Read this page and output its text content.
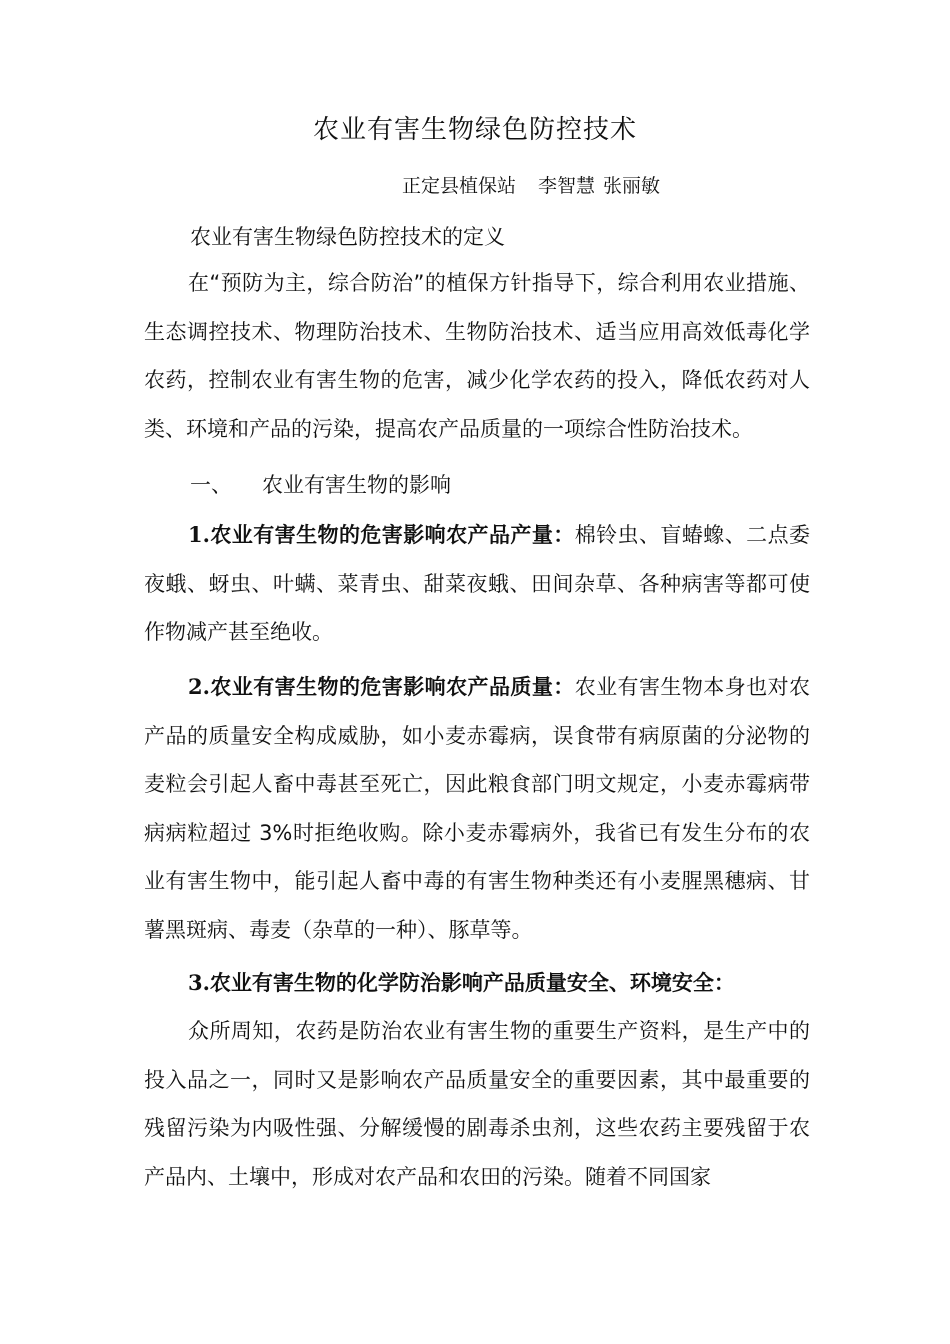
农业有害生物绿色防控技术

正定县植保站 李智慧 张丽敏

农业有害生物绿色防控技术的定义

在“预防为主，综合防治”的植保方针指导下，综合利用农业措施、生态调控技术、物理防治技术、生物防治技术、适当应用高效低毒化学农药，控制农业有害生物的危害，减少化学农药的投入，降低农药对人类、环境和产品的污染，提高农产品质量的一项综合性防治技术。

一、 农业有害生物的影响

1.农业有害生物的危害影响农产品产量：棉铃虫、盲蝽蟓、二点委夜蛾、蚜虫、叶螨、菜青虫、甜菜夜蛾、田间杂草、各种病害等都可使作物减产甚至绝收。

2.农业有害生物的危害影响农产品质量：农业有害生物本身也对农产品的质量安全构成威胁，如小麦赤霉病，误食带有病原菌的分泌物的麦粒会引起人畜中毒甚至死亡，因此粮食部门明文规定，小麦赤霉病带病病粒超过 3%时拒绝收购。除小麦赤霉病外，我省已有发生分布的农业有害生物中，能引起人畜中毒的有害生物种类还有小麦腥黑穗病、甘薯黑斑病、毒麦（杂草的一种）、豚草等。

3.农业有害生物的化学防治影响产品质量安全、环境安全：

众所周知，农药是防治农业有害生物的重要生产资料，是生产中的投入品之一，同时又是影响农产品质量安全的重要因素，其中最重要的残留污染为内吸性强、分解缓慢的剧毒杀虫剂，这些农药主要残留于农产品内、土壤中，形成对农产品和农田的污染。随着不同国家
